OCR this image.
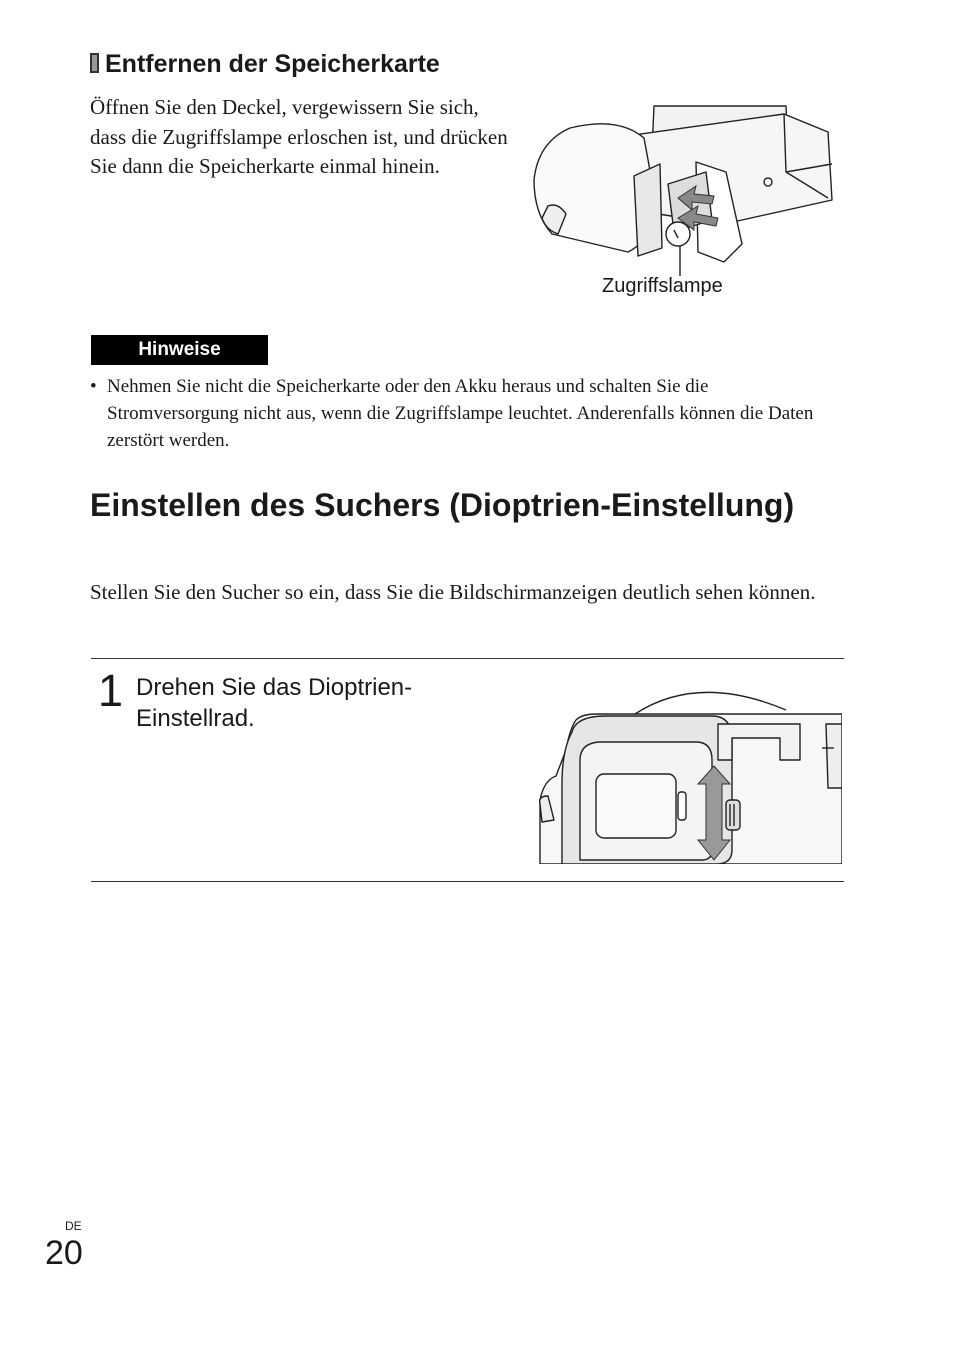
Entfernen der Speicherkarte
Öffnen Sie den Deckel, vergewissern Sie sich, dass die Zugriffslampe erloschen ist, und drücken Sie dann die Speicherkarte einmal hinein.
Zugriffslampe
Hinweise
• Nehmen Sie nicht die Speicherkarte oder den Akku heraus und schalten Sie die Stromversorgung nicht aus, wenn die Zugriffslampe leuchtet. Anderenfalls können die Daten zerstört werden.
Einstellen des Suchers (Dioptrien-Einstellung)
Stellen Sie den Sucher so ein, dass Sie die Bildschirmanzeigen deutlich sehen können.
1 Drehen Sie das Dioptrien-Einstellrad.
DE
20
